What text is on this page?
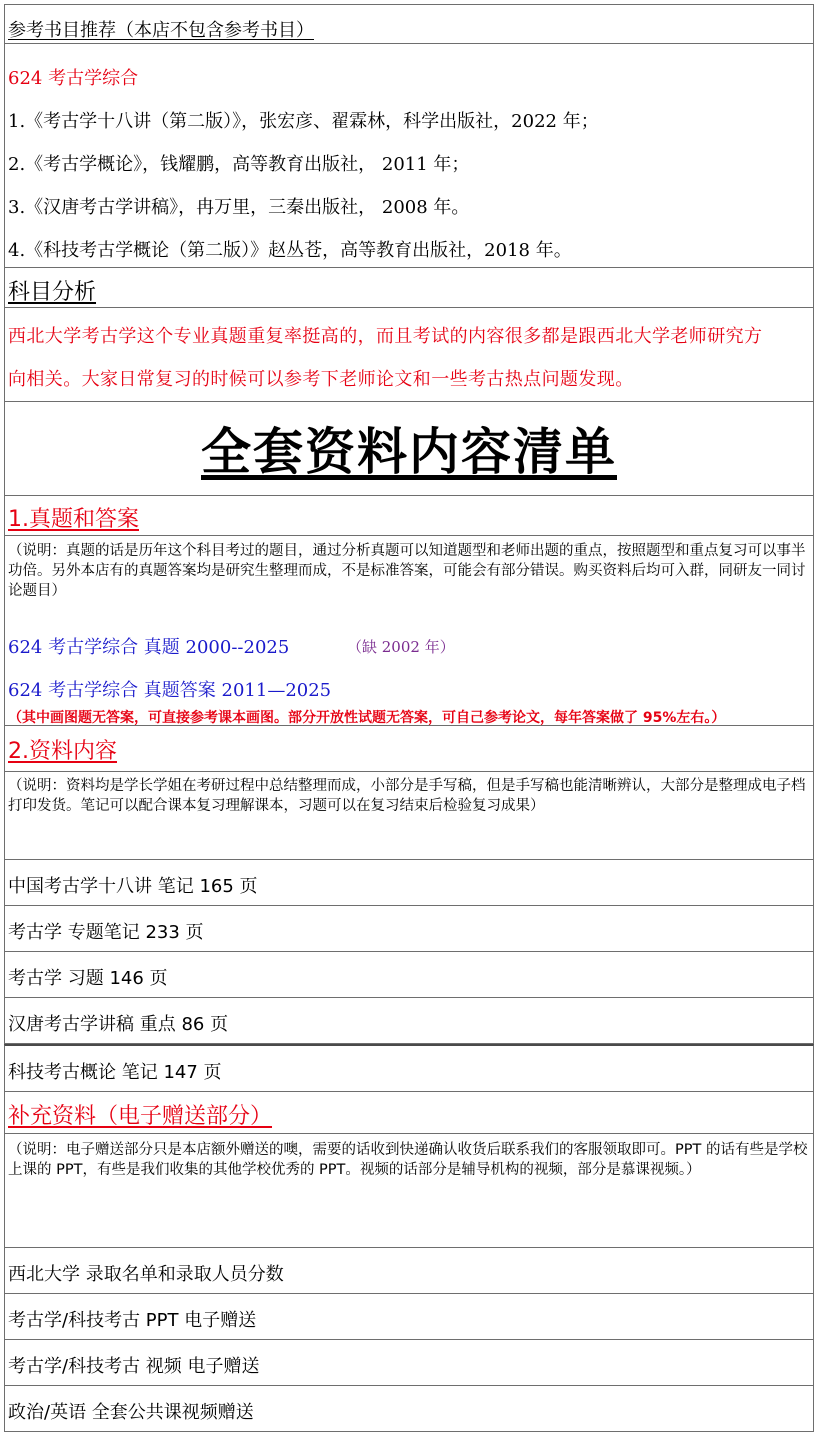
参考书目推荐（本店不包含参考书目）
624 考古学综合
1.《考古学十八讲（第二版）》，张宏彦、翟霖林，科学出版社，2022 年；
2.《考古学概论》，钱耀鹏，高等教育出版社， 2011 年；
3.《汉唐考古学讲稿》，冉万里，三秦出版社， 2008 年。
4.《科技考古学概论（第二版）》赵丛苍，高等教育出版社，2018 年。
科目分析
西北大学考古学这个专业真题重复率挺高的，而且考试的内容很多都是跟西北大学老师研究方
向相关。大家日常复习的时候可以参考下老师论文和一些考古热点问题发现。
全套资料内容清单
1.真题和答案
（说明：真题的话是历年这个科目考过的题目，通过分析真题可以知道题型和老师出题的重点，按照题型和重点复习可以事半功倍。另外本店有的真题答案均是研究生整理而成，不是标准答案，可能会有部分错误。购买资料后均可入群，同研友一同讨论题目）
624 考古学综合 真题 2000--2025	（缺 2002 年）
624 考古学综合 真题答案 2011—2025
（其中画图题无答案，可直接参考课本画图。部分开放性试题无答案，可自己参考论文，每年答案做了 95%左右。）
2.资料内容
（说明：资料均是学长学姐在考研过程中总结整理而成，小部分是手写稿，但是手写稿也能清晰辨认，大部分是整理成电子档打印发货。笔记可以配合课本复习理解课本，习题可以在复习结束后检验复习成果）
中国考古学十八讲 笔记 165 页
考古学 专题笔记 233 页
考古学 习题 146 页
汉唐考古学讲稿 重点 86 页
科技考古概论 笔记 147 页
补充资料（电子赠送部分）
（说明：电子赠送部分只是本店额外赠送的噢，需要的话收到快递确认收货后联系我们的客服领取即可。PPT 的话有些是学校上课的 PPT，有些是我们收集的其他学校优秀的 PPT。视频的话部分是辅导机构的视频，部分是慕课视频。）
西北大学 录取名单和录取人员分数
考古学/科技考古 PPT 电子赠送
考古学/科技考古 视频 电子赠送
政治/英语 全套公共课视频赠送
